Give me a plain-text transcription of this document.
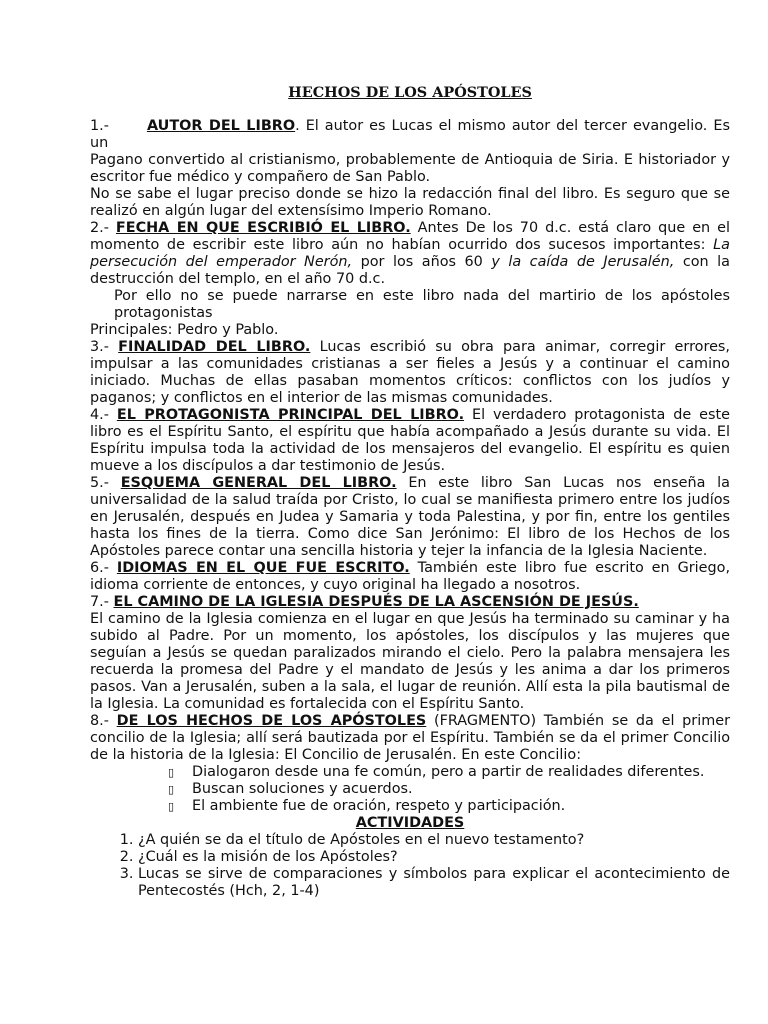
HECHOS DE LOS APÓSTOLES

1.-	AUTOR DEL LIBRO. El autor es Lucas el mismo autor del tercer evangelio. Es un

Pagano convertido al cristianismo, probablemente de Antioquia de Siria. E historiador y escritor fue médico y compañero de San Pablo.

No se sabe el lugar preciso donde se hizo la redacción final del libro. Es seguro que se realizó en algún lugar del extensísimo Imperio Romano.

2.- FECHA EN QUE ESCRIBIÓ EL LIBRO. Antes De los 70 d.c. está claro que en el momento de escribir este libro aún no habían ocurrido dos sucesos importantes: La persecución del emperador Nerón, por los años 60 y la caída de Jerusalén, con la destrucción del templo, en el año 70 d.c.

Por ello no se puede narrarse en este libro nada del martirio de los apóstoles protagonistas

Principales: Pedro y Pablo.

3.- FINALIDAD DEL LIBRO. Lucas escribió su obra para animar, corregir errores, impulsar a las comunidades cristianas a ser fieles a Jesús y a continuar el camino iniciado. Muchas de ellas pasaban momentos críticos: conflictos con los judíos y paganos; y conflictos en el interior de las mismas comunidades.

4.- EL PROTAGONISTA PRINCIPAL DEL LIBRO. El verdadero protagonista de este libro es el Espíritu Santo, el espíritu que había acompañado a Jesús durante su vida. El Espíritu impulsa toda la actividad de los mensajeros del evangelio. El espíritu es quien mueve a los discípulos a dar testimonio de Jesús.

5.- ESQUEMA GENERAL DEL LIBRO. En este libro San Lucas nos enseña la universalidad de la salud traída por Cristo, lo cual se manifiesta primero entre los judíos en Jerusalén, después en Judea y Samaria y toda Palestina, y por fin, entre los gentiles hasta los fines de la tierra. Como dice San Jerónimo: El libro de los Hechos de los Apóstoles parece contar una sencilla historia y tejer la infancia de la Iglesia Naciente.

6.- IDIOMAS EN EL QUE FUE ESCRITO. También este libro fue escrito en Griego, idioma corriente de entonces, y cuyo original ha llegado a nosotros.

7.- EL CAMINO DE LA IGLESIA DESPUÉS DE LA ASCENSIÓN DE JESÚS.

El camino de la Iglesia comienza en el lugar en que Jesús ha terminado su caminar y ha subido al Padre. Por un momento, los apóstoles, los discípulos y las mujeres que seguían a Jesús se quedan paralizados mirando el cielo. Pero la palabra mensajera les recuerda la promesa del Padre y el mandato de Jesús y les anima a dar los primeros pasos. Van a Jerusalén, suben a la sala, el lugar de reunión. Allí esta la pila bautismal de la Iglesia. La comunidad es fortalecida con el Espíritu Santo.

8.- DE LOS HECHOS DE LOS APÓSTOLES (FRAGMENTO) También se da el primer concilio de la Iglesia; allí será bautizada por el Espíritu. También se da el primer Concilio de la historia de la Iglesia: El Concilio de Jerusalén. En este Concilio:

▯ Dialogaron desde una fe común, pero a partir de realidades diferentes.
▯ Buscan soluciones y acuerdos.
▯ El ambiente fue de oración, respeto y participación.
ACTIVIDADES
1. ¿A quién se da el título de Apóstoles en el nuevo testamento?
2. ¿Cuál es la misión de los Apóstoles?
3. Lucas se sirve de comparaciones y símbolos para explicar el acontecimiento de Pentecostés (Hch, 2, 1-4)
